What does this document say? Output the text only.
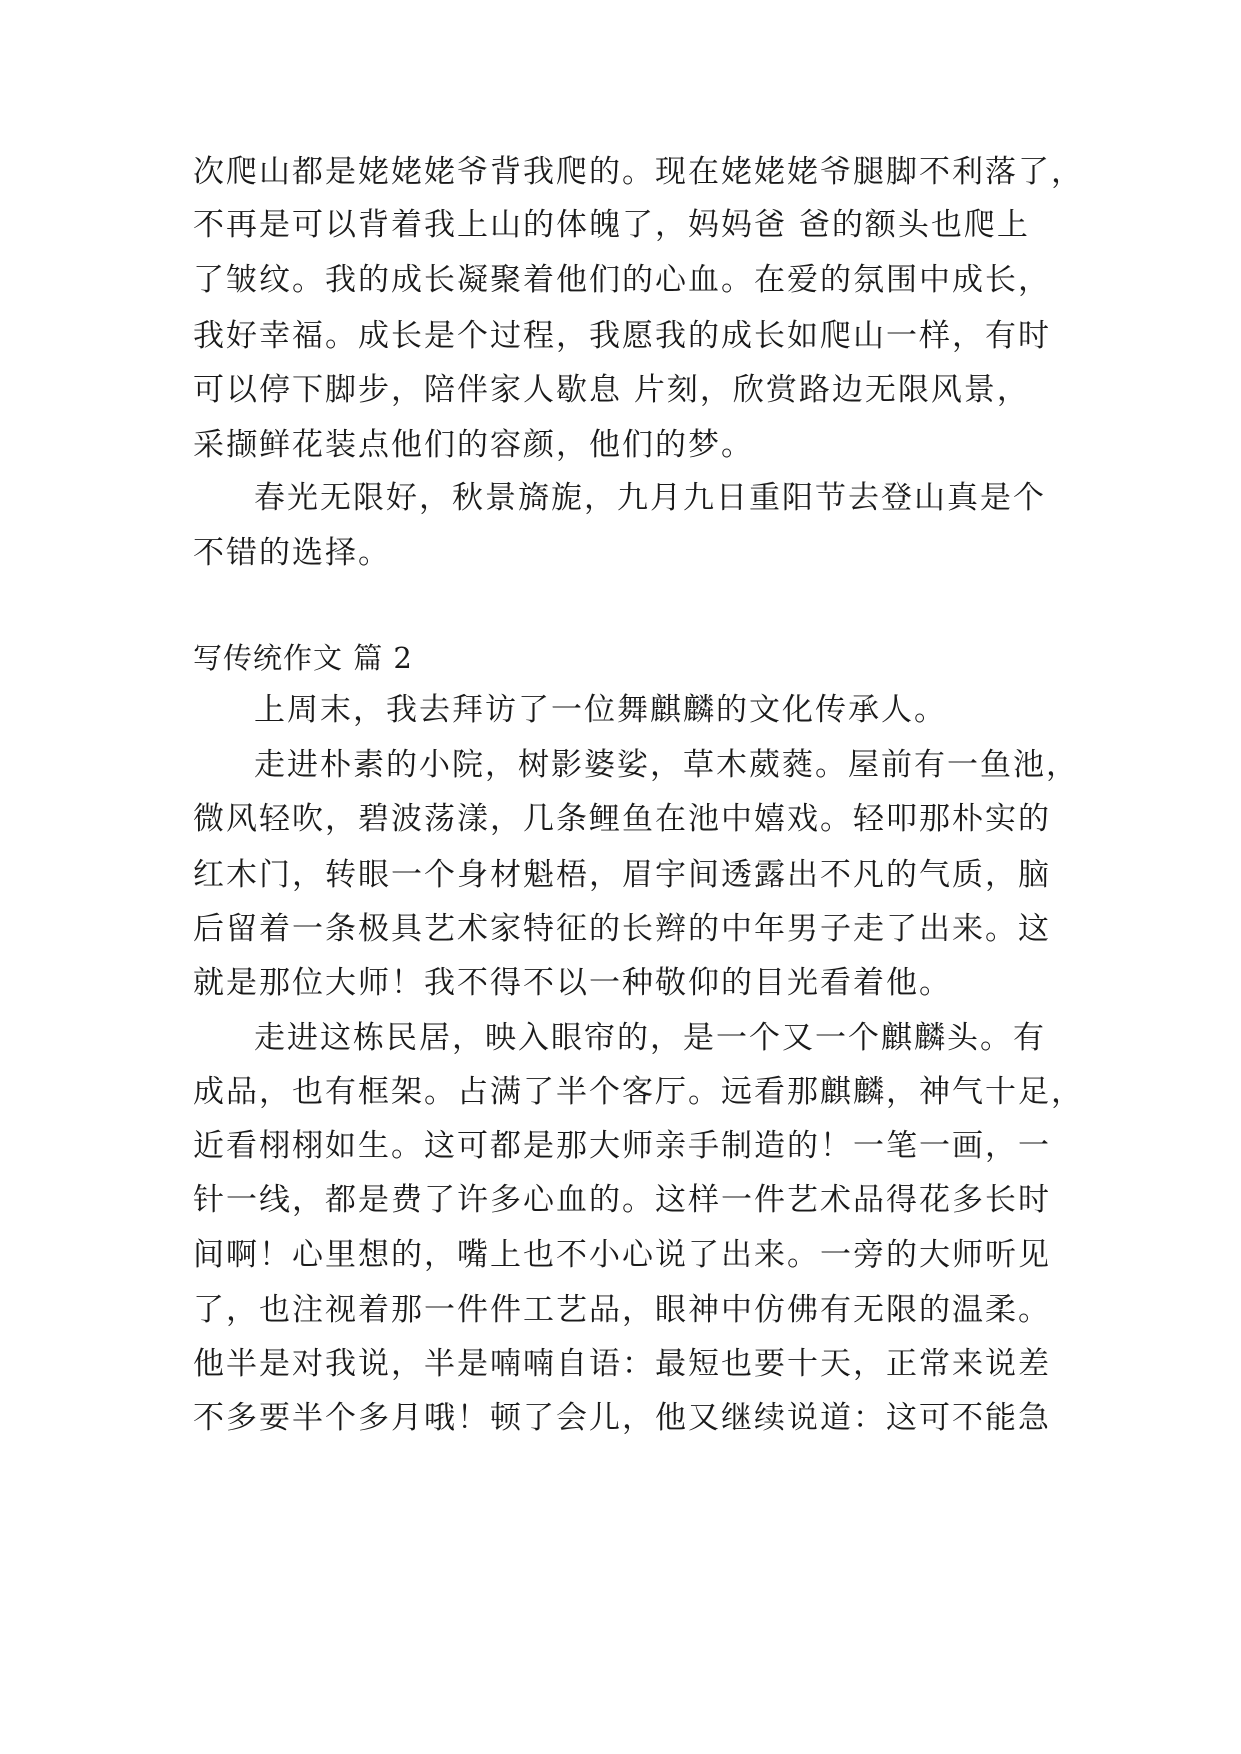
次爬山都是姥姥姥爷背我爬的。现在姥姥姥爷腿脚不利落了，
不再是可以背着我上山的体魄了，妈妈爸 爸的额头也爬上
了皱纹。我的成长凝聚着他们的心血。在爱的氛围中成长，
我好幸福。成长是个过程，我愿我的成长如爬山一样，有时
可以停下脚步，陪伴家人歇息 片刻，欣赏路边无限风景，
采撷鲜花装点他们的容颜，他们的梦。
春光无限好，秋景旖旎，九月九日重阳节去登山真是个
不错的选择。
写传统作文 篇 2
上周末，我去拜访了一位舞麒麟的文化传承人。
走进朴素的小院，树影婆娑，草木葳蕤。屋前有一鱼池，
微风轻吹，碧波荡漾，几条鲤鱼在池中嬉戏。轻叩那朴实的
红木门，转眼一个身材魁梧，眉宇间透露出不凡的气质，脑
后留着一条极具艺术家特征的长辫的中年男子走了出来。这
就是那位大师！我不得不以一种敬仰的目光看着他。
走进这栋民居，映入眼帘的，是一个又一个麒麟头。有
成品，也有框架。占满了半个客厅。远看那麒麟，神气十足，
近看栩栩如生。这可都是那大师亲手制造的！一笔一画，一
针一线，都是费了许多心血的。这样一件艺术品得花多长时
间啊！心里想的，嘴上也不小心说了出来。一旁的大师听见
了，也注视着那一件件工艺品，眼神中仿佛有无限的温柔。
他半是对我说，半是喃喃自语：最短也要十天，正常来说差
不多要半个多月哦！顿了会儿，他又继续说道：这可不能急
